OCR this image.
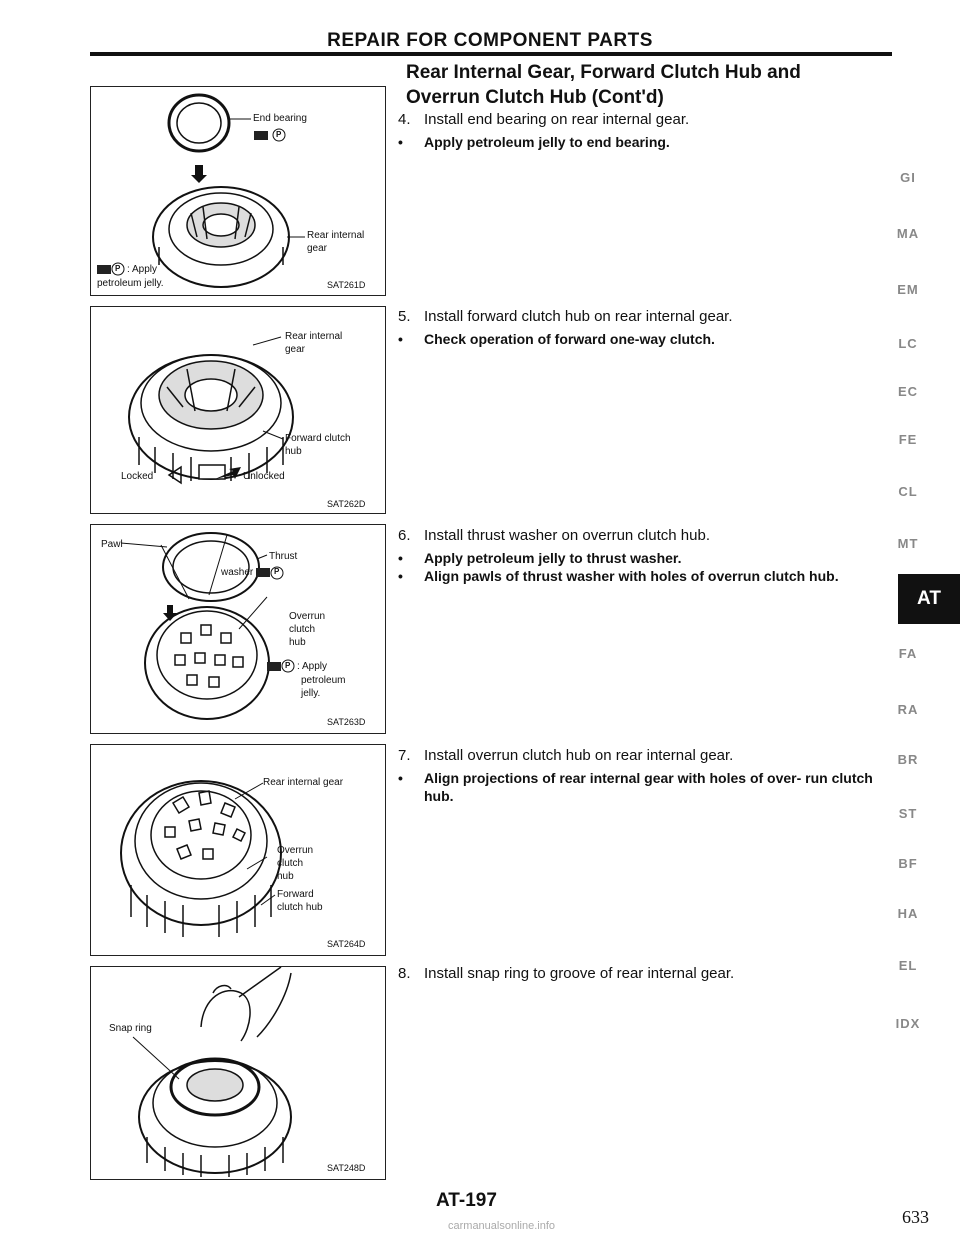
REPAIR FOR COMPONENT PARTS
Rear Internal Gear, Forward Clutch Hub and
Overrun Clutch Hub (Cont'd)
End bearing
P
Rear internal
gear
P : Apply
petroleum jelly.	SAT261D
Rear internal
gear
Forward clutch
hub
Locked	Unlocked
SAT262D
Pawl
Thrust
washer	P
Overrun
clutch
hub
P : Apply
petroleum
jelly.
SAT263D
Rear internal gear
Overrun
clutch
hub
Forward
clutch hub
SAT264D
Snap ring
SAT248D
4. Install end bearing on rear internal gear.
• Apply petroleum jelly to end bearing.
5. Install forward clutch hub on rear internal gear.
• Check operation of forward one-way clutch.
6. Install thrust washer on overrun clutch hub.
• Apply petroleum jelly to thrust washer.
• Align pawls of thrust washer with holes of overrun clutch hub.
7. Install overrun clutch hub on rear internal gear.
• Align projections of rear internal gear with holes of over- run clutch hub.
8. Install snap ring to groove of rear internal gear.
GI
MA
EM
LC
EC
FE
CL
MT
AT
FA
RA
BR
ST
BF
HA
EL
IDX
AT-197
633
carmanualsonline.info
